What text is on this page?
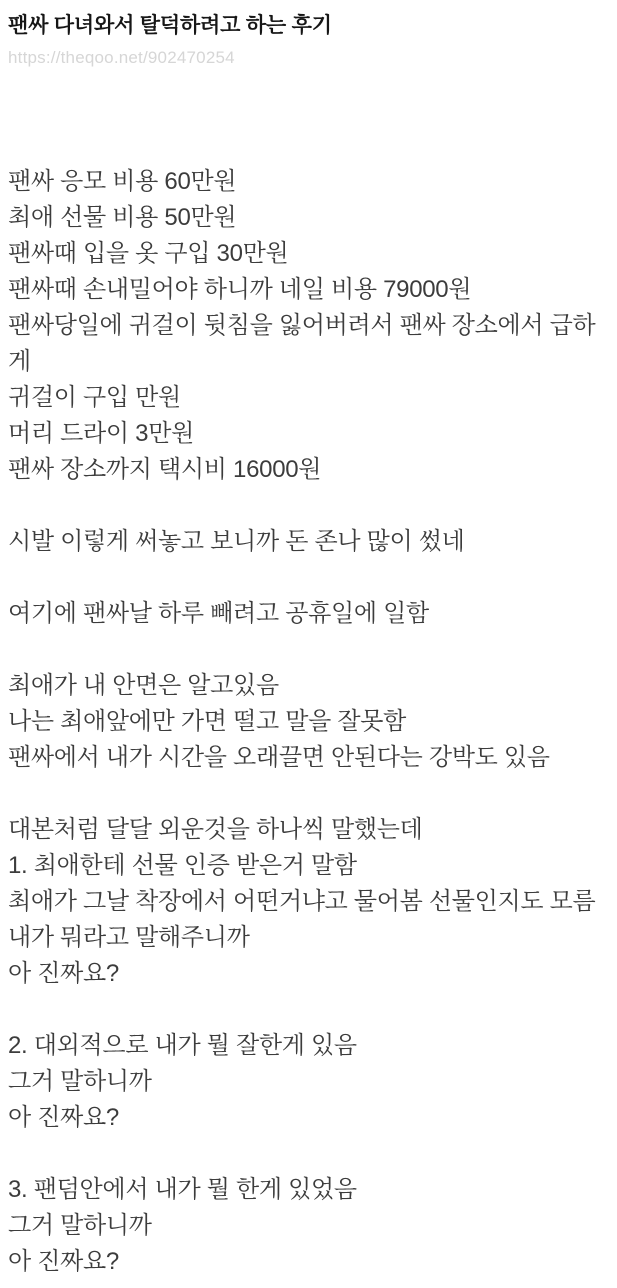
팬싸 다녀와서 탈덕하려고 하는 후기
https://theqoo.net/902470254
팬싸 응모 비용 60만원
최애 선물 비용 50만원
팬싸때 입을 옷 구입 30만원
팬싸때 손내밀어야 하니까 네일 비용 79000원
팬싸당일에 귀걸이 뒷침을 잃어버려서 팬싸 장소에서 급하게
귀걸이 구입 만원
머리 드라이 3만원
팬싸 장소까지 택시비 16000원
시발 이렇게 써놓고 보니까 돈 존나 많이 썼네
여기에 팬싸날 하루 빼려고 공휴일에 일함
최애가 내 안면은 알고있음
나는 최애앞에만 가면 떨고 말을 잘못함
팬싸에서 내가 시간을 오래끌면 안된다는 강박도 있음
대본처럼 달달 외운것을 하나씩 말했는데
1. 최애한테 선물 인증 받은거 말함
최애가 그날 착장에서 어떤거냐고 물어봄 선물인지도 모름
내가 뭐라고 말해주니까
아 진짜요?
2. 대외적으로 내가 뭘 잘한게 있음
그거 말하니까
아 진짜요?
3. 팬덤안에서 내가 뭘 한게 있었음
그거 말하니까
아 진짜요?
